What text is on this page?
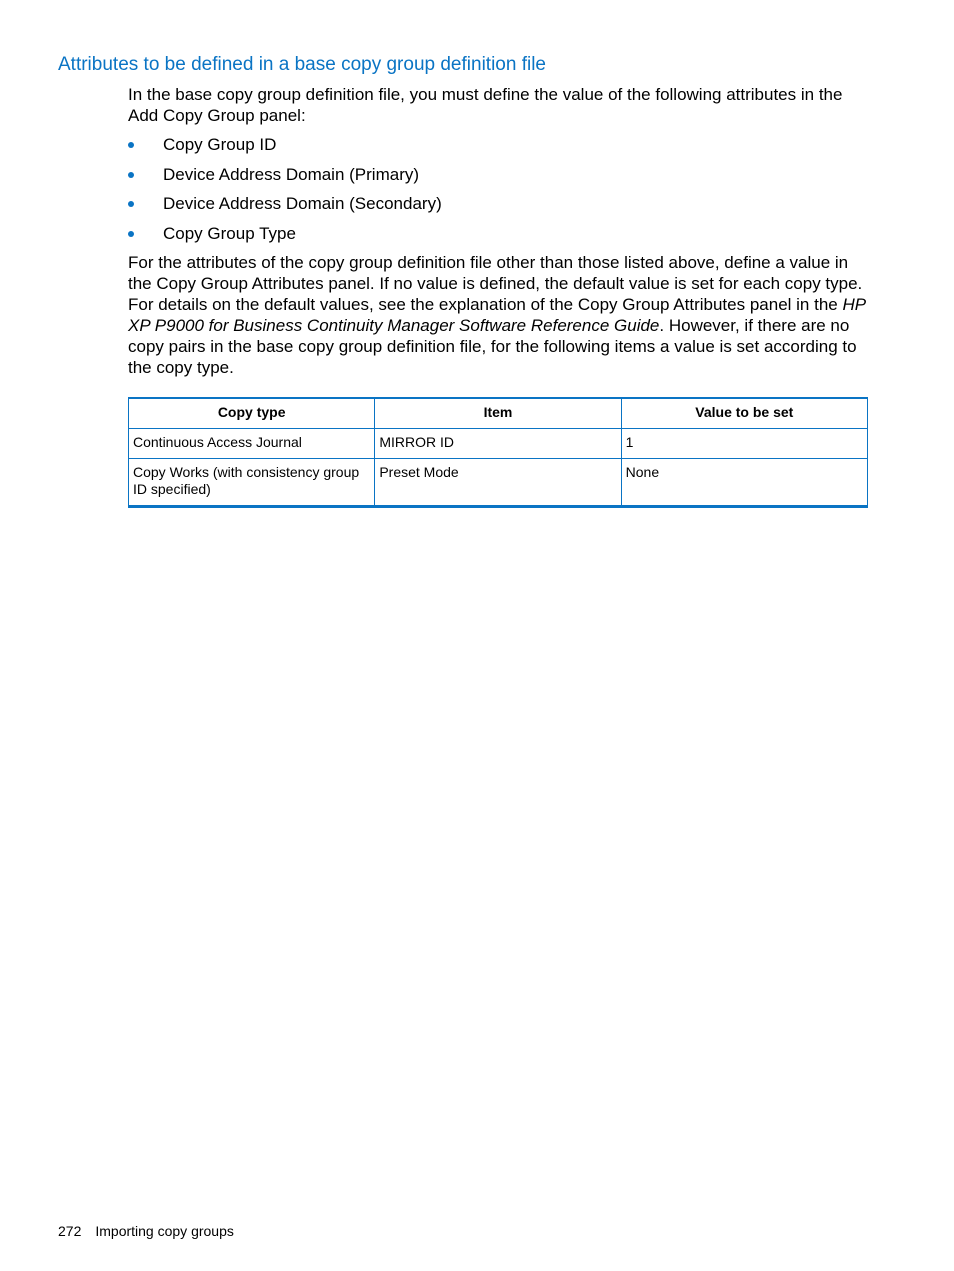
Attributes to be defined in a base copy group definition file

In the base copy group definition file, you must define the value of the following attributes in the Add Copy Group panel:

Copy Group ID
Device Address Domain (Primary)
Device Address Domain (Secondary)
Copy Group Type

For the attributes of the copy group definition file other than those listed above, define a value in the Copy Group Attributes panel. If no value is defined, the default value is set for each copy type. For details on the default values, see the explanation of the Copy Group Attributes panel in the HP XP P9000 for Business Continuity Manager Software Reference Guide. However, if there are no copy pairs in the base copy group definition file, for the following items a value is set according to the copy type.

Copy type	Item	Value to be set
Continuous Access Journal	MIRROR ID	1
Copy Works (with consistency group ID specified)	Preset Mode	None
272 Importing copy groups
